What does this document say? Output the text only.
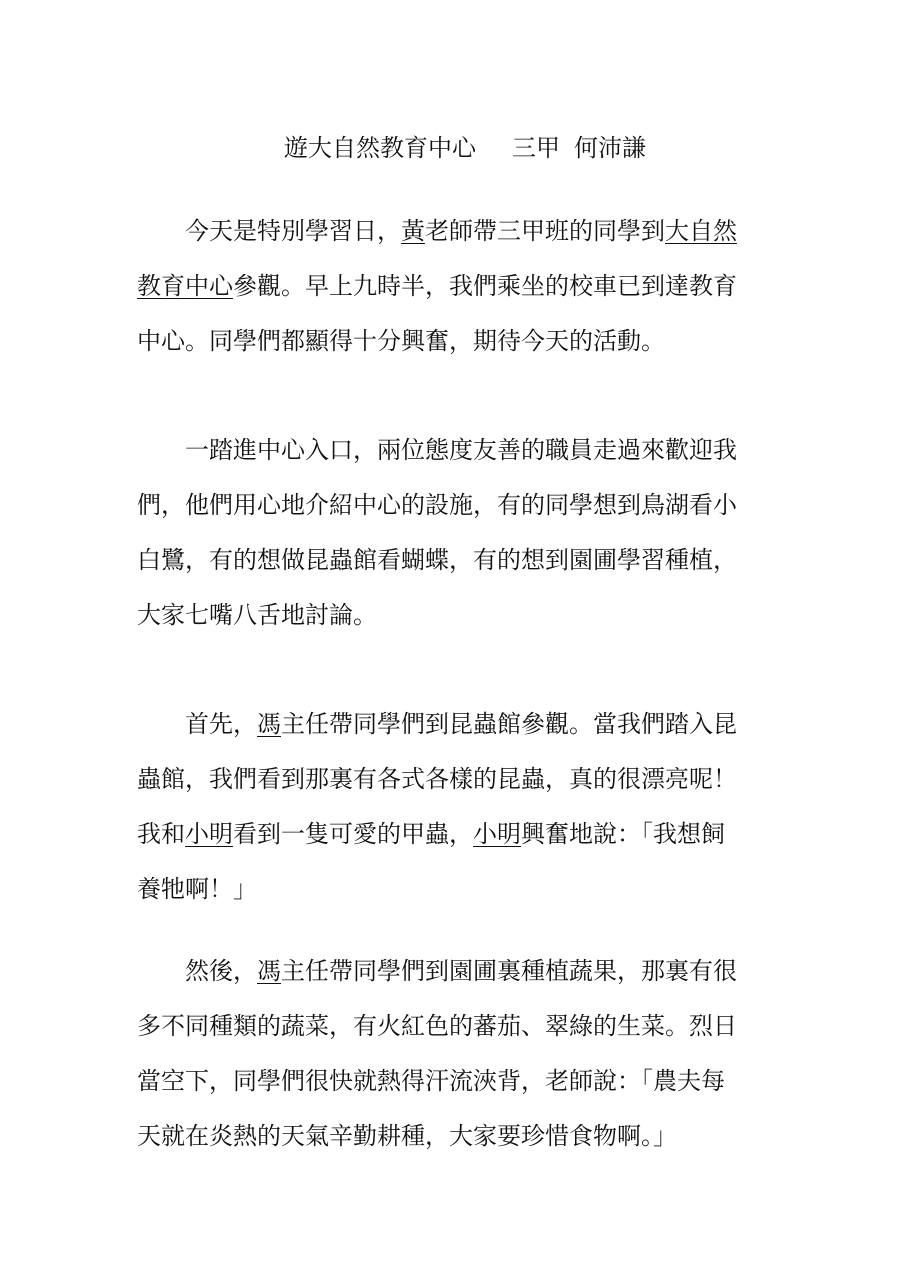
遊大自然教育中心 三甲 何沛謙
今天是特別學習日，黃老師帶三甲班的同學到大自然
教育中心參觀。早上九時半，我們乘坐的校車已到達教育
中心。同學們都顯得十分興奮，期待今天的活動。
一踏進中心入口，兩位態度友善的職員走過來歡迎我
們，他們用心地介紹中心的設施，有的同學想到鳥湖看小
白鷺，有的想做昆蟲館看蝴蝶，有的想到園圃學習種植，
大家七嘴八舌地討論。
首先，馮主任帶同學們到昆蟲館參觀。當我們踏入昆
蟲館，我們看到那裏有各式各樣的昆蟲，真的很漂亮呢！
我和小明看到一隻可愛的甲蟲，小明興奮地說：「我想飼
養牠啊！」
然後，馮主任帶同學們到園圃裏種植蔬果，那裏有很
多不同種類的蔬菜，有火紅色的蕃茄、翠綠的生菜。烈日
當空下，同學們很快就熱得汗流浹背，老師說：「農夫每
天就在炎熱的天氣辛勤耕種，大家要珍惜食物啊。」
